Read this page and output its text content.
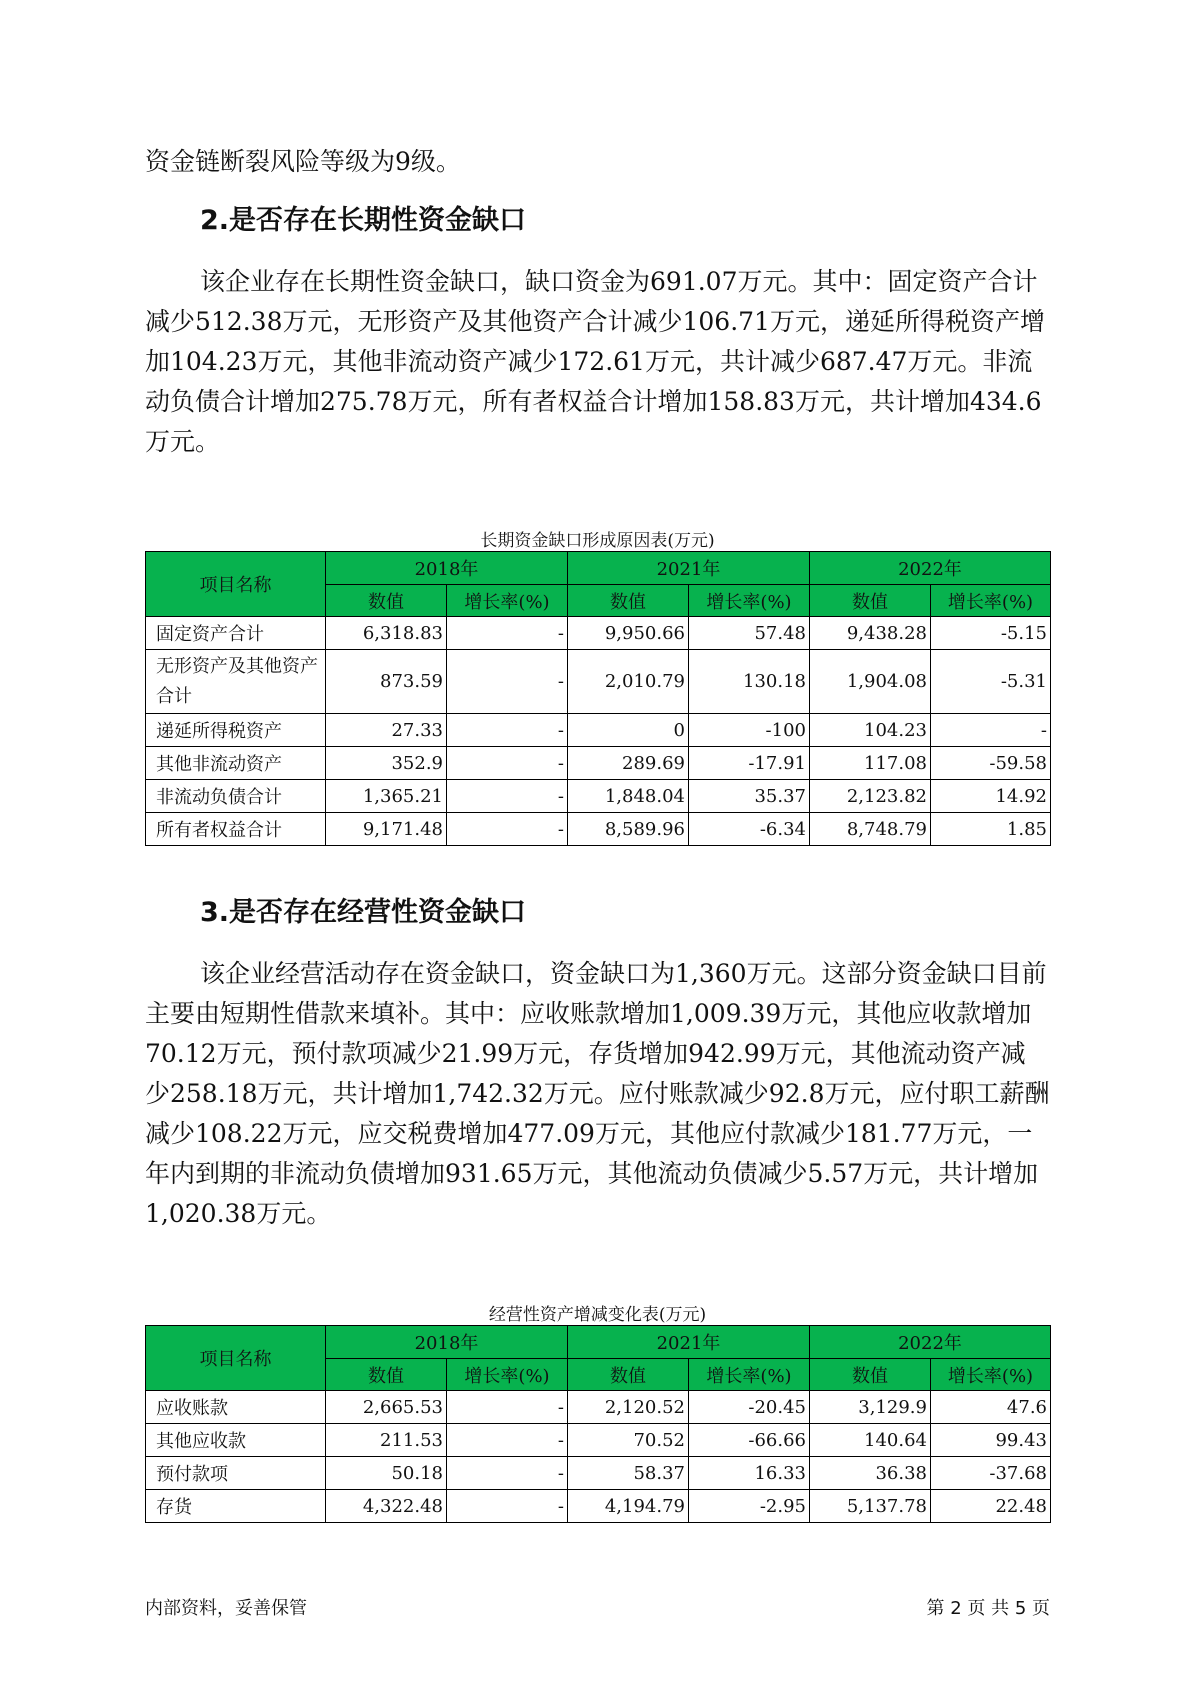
资金链断裂风险等级为9级。

2.是否存在长期性资金缺口

该企业存在长期性资金缺口，缺口资金为691.07万元。其中：固定资产合计减少512.38万元，无形资产及其他资产合计减少106.71万元，递延所得税资产增加104.23万元，其他非流动资产减少172.61万元，共计减少687.47万元。非流动负债合计增加275.78万元，所有者权益合计增加158.83万元，共计增加434.6万元。

长期资金缺口形成原因表(万元)

项目名称	2018年		2021年		2022年	
	数值	增长率(%)	数值	增长率(%)	数值	增长率(%)
固定资产合计	6,318.83	-	9,950.66	57.48	9,438.28	-5.15
无形资产及其他资产合计	873.59	-	2,010.79	130.18	1,904.08	-5.31
递延所得税资产	27.33	-	0	-100	104.23	-
其他非流动资产	352.9	-	289.69	-17.91	117.08	-59.58
非流动负债合计	1,365.21	-	1,848.04	35.37	2,123.82	14.92
所有者权益合计	9,171.48	-	8,589.96	-6.34	8,748.79	1.85
3.是否存在经营性资金缺口

该企业经营活动存在资金缺口，资金缺口为1,360万元。这部分资金缺口目前主要由短期性借款来填补。其中：应收账款增加1,009.39万元，其他应收款增加70.12万元，预付款项减少21.99万元，存货增加942.99万元，其他流动资产减少258.18万元，共计增加1,742.32万元。应付账款减少92.8万元，应付职工薪酬减少108.22万元，应交税费增加477.09万元，其他应付款减少181.77万元，一年内到期的非流动负债增加931.65万元，其他流动负债减少5.57万元，共计增加1,020.38万元。

经营性资产增减变化表(万元)

项目名称	2018年		2021年		2022年	
	数值	增长率(%)	数值	增长率(%)	数值	增长率(%)
应收账款	2,665.53	-	2,120.52	-20.45	3,129.9	47.6
其他应收款	211.53	-	70.52	-66.66	140.64	99.43
预付款项	50.18	-	58.37	16.33	36.38	-37.68
存货	4,322.48	-	4,194.79	-2.95	5,137.78	22.48
内部资料，妥善保管	第 2 页 共 5 页
